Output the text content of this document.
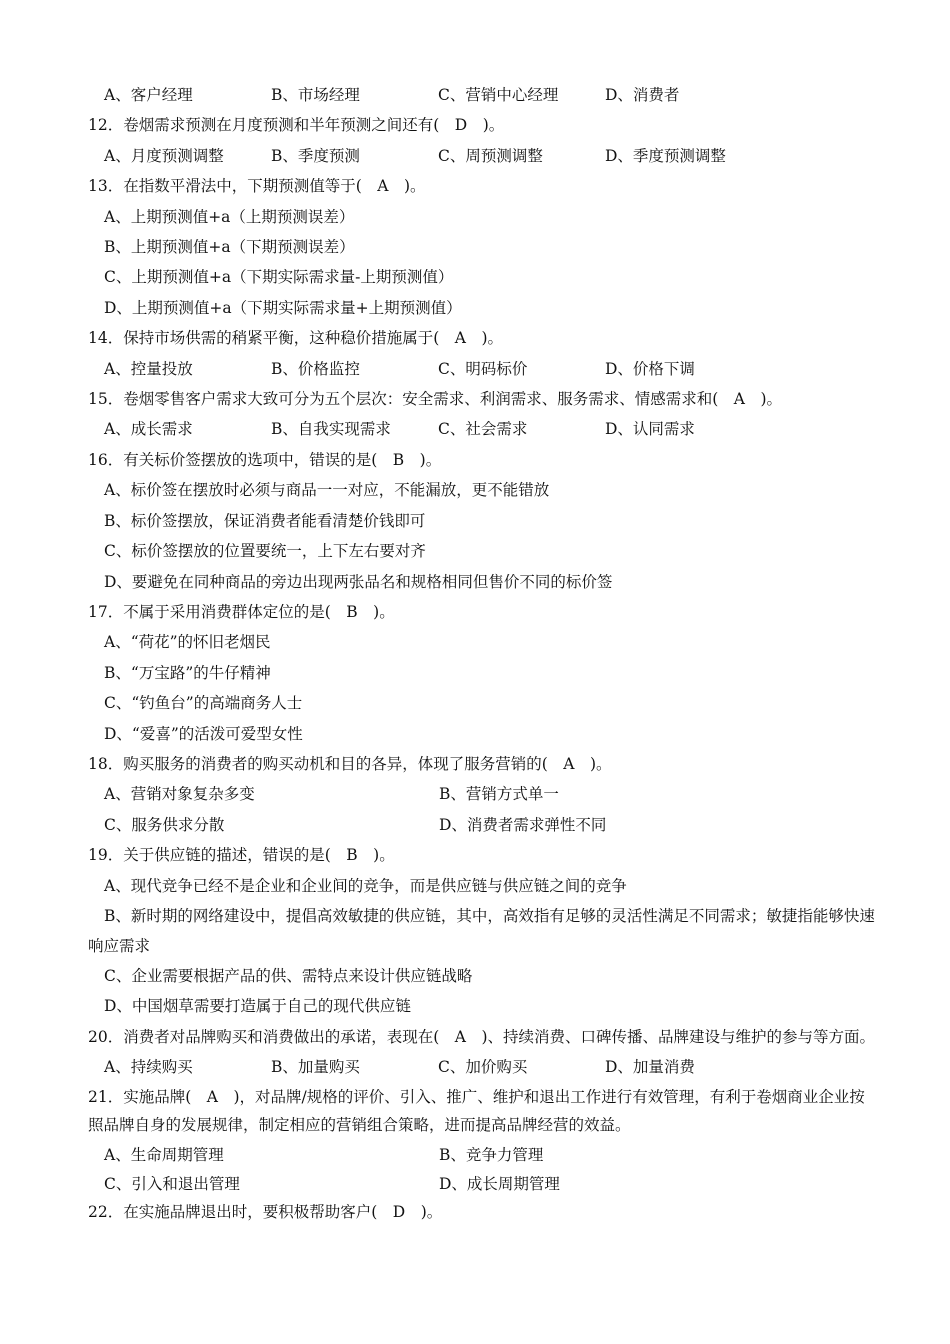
A、客户经理	B、市场经理	C、营销中心经理	D、消费者
12．卷烟需求预测在月度预测和半年预测之间还有(　D　)。
A、月度预测调整	B、季度预测	C、周预测调整	D、季度预测调整
13．在指数平滑法中，下期预测值等于(　A　)。
A、上期预测值+a（上期预测误差）
B、上期预测值+a（下期预测误差）
C、上期预测值+a（下期实际需求量-上期预测值）
D、上期预测值+a（下期实际需求量+上期预测值）
14．保持市场供需的稍紧平衡，这种稳价措施属于(　A　)。
A、控量投放	B、价格监控	C、明码标价	D、价格下调
15．卷烟零售客户需求大致可分为五个层次：安全需求、利润需求、服务需求、情感需求和(　A　)。
A、成长需求	B、自我实现需求	C、社会需求	D、认同需求
16．有关标价签摆放的选项中，错误的是(　B　)。
A、标价签在摆放时必须与商品一一对应，不能漏放，更不能错放
B、标价签摆放，保证消费者能看清楚价钱即可
C、标价签摆放的位置要统一，上下左右要对齐
D、要避免在同种商品的旁边出现两张品名和规格相同但售价不同的标价签
17．不属于采用消费群体定位的是(　B　)。
A、“荷花”的怀旧老烟民
B、“万宝路”的牛仔精神
C、“钓鱼台”的高端商务人士
D、“爱喜”的活泼可爱型女性
18．购买服务的消费者的购买动机和目的各异，体现了服务营销的(　A　)。
A、营销对象复杂多变	B、营销方式单一
C、服务供求分散	D、消费者需求弹性不同
19．关于供应链的描述，错误的是(　B　)。
A、现代竞争已经不是企业和企业间的竞争，而是供应链与供应链之间的竞争
B、新时期的网络建设中，提倡高效敏捷的供应链，其中，高效指有足够的灵活性满足不同需求；敏捷指能够快速响应需求
C、企业需要根据产品的供、需特点来设计供应链战略
D、中国烟草需要打造属于自己的现代供应链
20．消费者对品牌购买和消费做出的承诺，表现在(　A　)、持续消费、口碑传播、品牌建设与维护的参与等方面。
A、持续购买	B、加量购买	C、加价购买	D、加量消费
21．实施品牌(　A　)，对品牌/规格的评价、引入、推广、维护和退出工作进行有效管理，有利于卷烟商业企业按照品牌自身的发展规律，制定相应的营销组合策略，进而提高品牌经营的效益。
A、生命周期管理	B、竞争力管理
C、引入和退出管理	D、成长周期管理
22．在实施品牌退出时，要积极帮助客户(　D　)。
